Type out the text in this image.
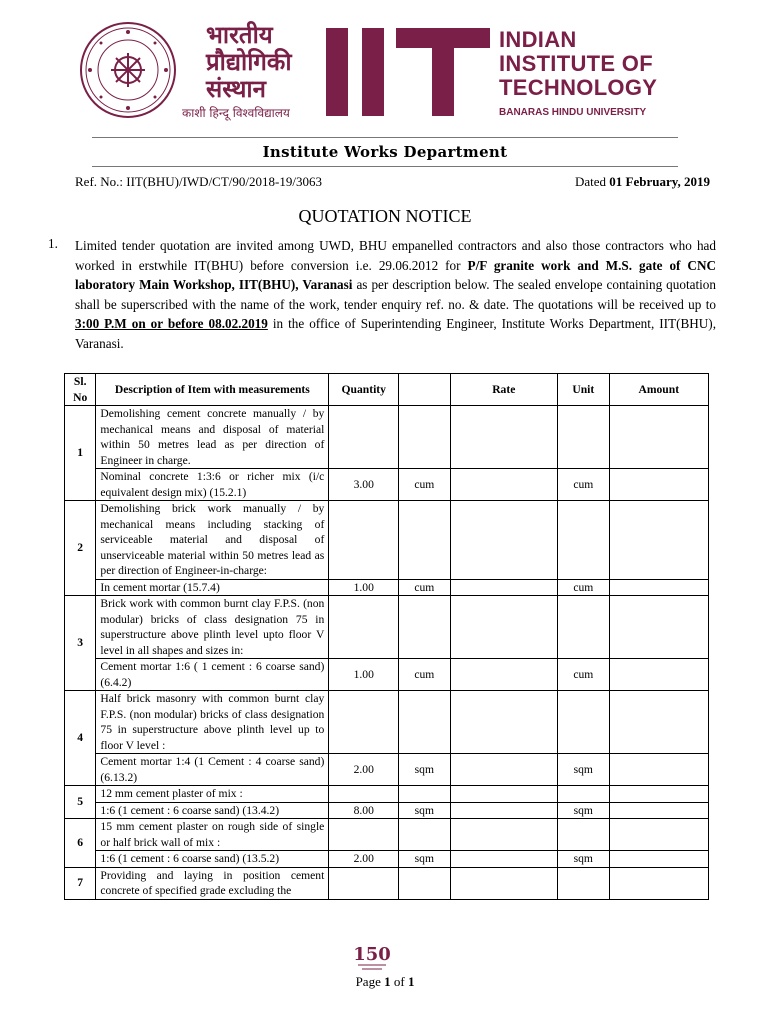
भारतीय
प्रौद्योगिकी
संस्थान
काशी हिन्दू विश्वविद्यालय
INDIAN
INSTITUTE OF
TECHNOLOGY
BANARAS HINDU UNIVERSITY
Institute Works Department
Ref. No.: IIT(BHU)/IWD/CT/90/2018-19/3063	Dated 01 February, 2019
QUOTATION NOTICE
1. Limited tender quotation are invited among UWD, BHU empanelled contractors and also those contractors who had worked in erstwhile IT(BHU) before conversion i.e. 29.06.2012 for P/F granite work and M.S. gate of CNC laboratory Main Workshop, IIT(BHU), Varanasi as per description below. The sealed envelope containing quotation shall be superscribed with the name of the work, tender enquiry ref. no. & date. The quotations will be received up to 3:00 P.M on or before 08.02.2019 in the office of Superintending Engineer, Institute Works Department, IIT(BHU), Varanasi.
Sl. No	Description of Item with measurements	Quantity		Rate	Unit	Amount
1	Demolishing cement concrete manually / by mechanical means and disposal of material within 50 metres lead as per direction of Engineer in charge.					
	Nominal concrete 1:3:6 or richer mix (i/c equivalent design mix) (15.2.1)	3.00	cum		cum	
2	Demolishing brick work manually / by mechanical means including stacking of serviceable material and disposal of unserviceable material within 50 metres lead as per direction of Engineer-in-charge:					
	In cement mortar (15.7.4)	1.00	cum		cum	
3	Brick work with common burnt clay F.P.S. (non modular) bricks of class designation 75 in superstructure above plinth level upto floor V level in all shapes and sizes in:					
	Cement mortar 1:6 ( 1 cement : 6 coarse sand) (6.4.2)	1.00	cum		cum	
4	Half brick masonry with common burnt clay F.P.S. (non modular) bricks of class designation 75 in superstructure above plinth level up to floor V level :					
	Cement mortar 1:4 (1 Cement : 4 coarse sand) (6.13.2)	2.00	sqm		sqm	
5	12 mm cement plaster of mix :					
	1:6 (1 cement : 6 coarse sand) (13.4.2)	8.00	sqm		sqm	
6	15 mm cement plaster on rough side of single or half brick wall of mix :					
	1:6 (1 cement : 6 coarse sand) (13.5.2)	2.00	sqm		sqm	
7	Providing and laying in position cement concrete of specified grade excluding the					
150
Page 1 of 1
